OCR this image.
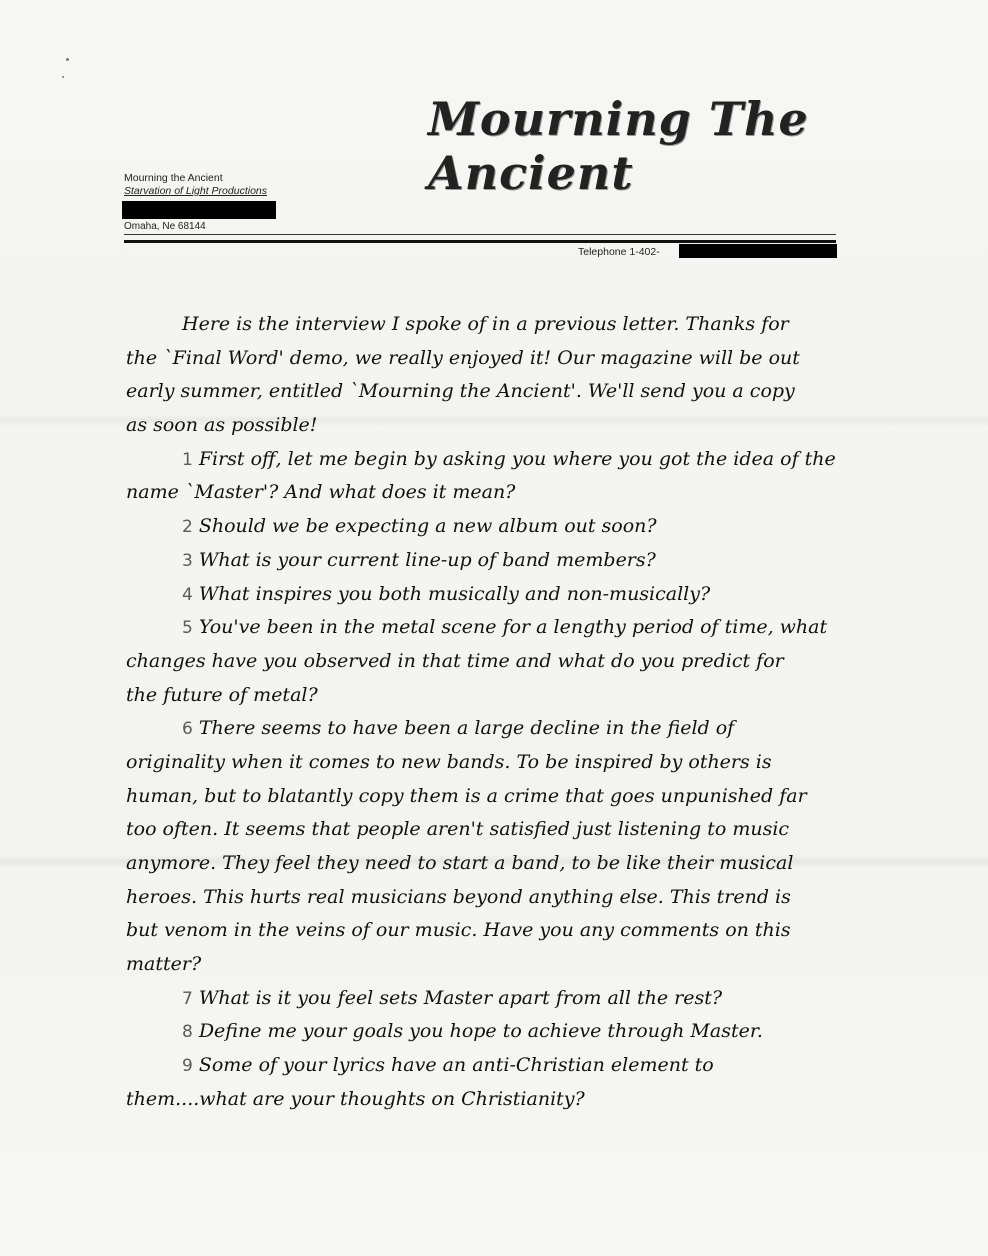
Mourning The Ancient
Mourning the Ancient
Starvation of Light Productions
Omaha, Ne 68144
Telephone 1-402-
Here is the interview I spoke of in a previous letter. Thanks for
the `Final Word' demo, we really enjoyed it! Our magazine will be out
early summer, entitled `Mourning the Ancient'. We'll send you a copy
as soon as possible!
1 First off, let me begin by asking you where you got the idea of the
name `Master'? And what does it mean?
2 Should we be expecting a new album out soon?
3 What is your current line-up of band members?
4 What inspires you both musically and non-musically?
5 You've been in the metal scene for a lengthy period of time, what
changes have you observed in that time and what do you predict for
the future of metal?
6 There seems to have been a large decline in the field of
originality when it comes to new bands. To be inspired by others is
human, but to blatantly copy them is a crime that goes unpunished far
too often. It seems that people aren't satisfied just listening to music
anymore. They feel they need to start a band, to be like their musical
heroes. This hurts real musicians beyond anything else. This trend is
but venom in the veins of our music. Have you any comments on this
matter?
7 What is it you feel sets Master apart from all the rest?
8 Define me your goals you hope to achieve through Master.
9 Some of your lyrics have an anti-Christian element to
them....what are your thoughts on Christianity?
